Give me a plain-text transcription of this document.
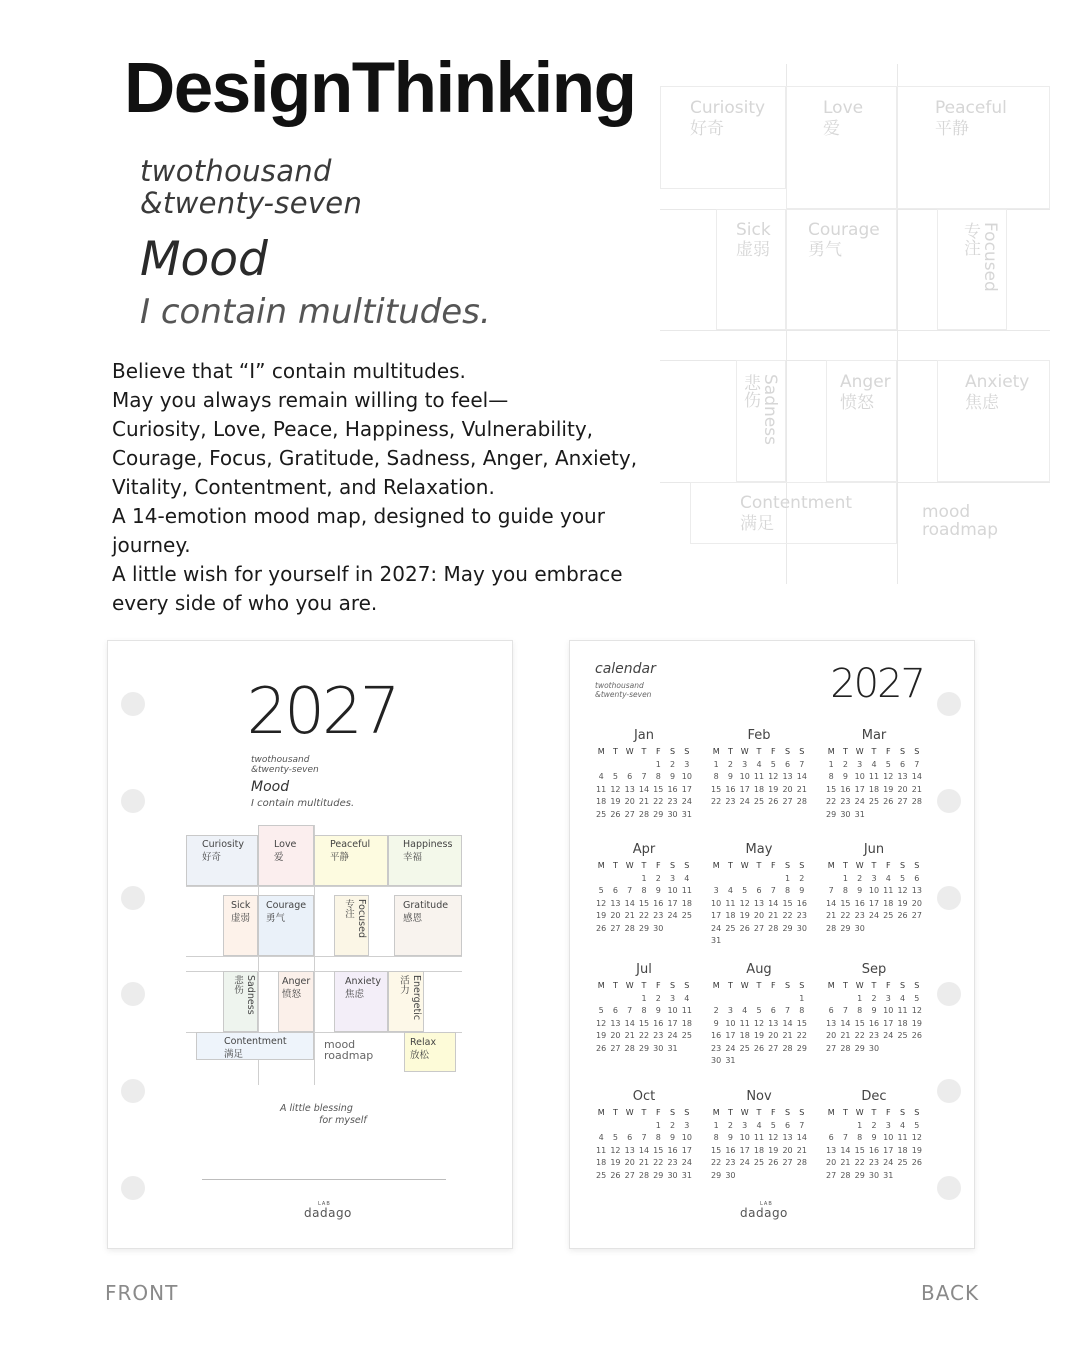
DesignThinking
twothousand
&twenty-seven
Mood
I contain multitudes.

Believe that “I” contain multitudes.

May you always remain willing to feel—

Curiosity, Love, Peace, Happiness, Vulnerability, Courage, Focus, Gratitude, Sadness, Anger, Anxiety, Vitality, Contentment, and Relaxation.

A 14-emotion mood map, designed to guide your journey.

A little wish for yourself in 2027: May you embrace every side of who you are.

Curiosity
好奇
Love
爱
Peaceful
平静
Sick
虚弱
Courage
勇气	Focused
专注
Sadness
悲伤	Anger
愤怒
Anxiety
焦虑
Contentment
满足
mood
roadmap
2027
twothousand
&twenty-seven
Mood
I contain multitudes.
Curiosity
好奇
Love
爱
Peaceful
平静
Happiness
幸福
Sick
虚弱
Courage
勇气	Focused
专注	Gratitude
感恩
Sadness
悲伤	Anger
愤怒
Anxiety
焦虑	Energetic
活力
Contentment
满足
mood
roadmap
Relax
放松
A little blessing
for myself
LAB
dadago
calendar
twothousand
&twenty-seven	2027
Jan
M	T	W	T	F	S	S
				1	2	3
4	5	6	7	8	9	10
11	12	13	14	15	16	17
18	19	20	21	22	23	24
25	26	27	28	29	30	31
Feb
M	T	W	T	F	S	S
1	2	3	4	5	6	7
8	9	10	11	12	13	14
15	16	17	18	19	20	21
22	23	24	25	26	27	28
Mar
M	T	W	T	F	S	S
1	2	3	4	5	6	7
8	9	10	11	12	13	14
15	16	17	18	19	20	21
22	23	24	25	26	27	28
29	30	31				
Apr
M	T	W	T	F	S	S
			1	2	3	4
5	6	7	8	9	10	11
12	13	14	15	16	17	18
19	20	21	22	23	24	25
26	27	28	29	30		
May
M	T	W	T	F	S	S
					1	2
3	4	5	6	7	8	9
10	11	12	13	14	15	16
17	18	19	20	21	22	23
24	25	26	27	28	29	30
31						
Jun
M	T	W	T	F	S	S
	1	2	3	4	5	6
7	8	9	10	11	12	13
14	15	16	17	18	19	20
21	22	23	24	25	26	27
28	29	30				
Jul
M	T	W	T	F	S	S
			1	2	3	4
5	6	7	8	9	10	11
12	13	14	15	16	17	18
19	20	21	22	23	24	25
26	27	28	29	30	31	
Aug
M	T	W	T	F	S	S
						1
2	3	4	5	6	7	8
9	10	11	12	13	14	15
16	17	18	19	20	21	22
23	24	25	26	27	28	29
30	31					
Sep
M	T	W	T	F	S	S
		1	2	3	4	5
6	7	8	9	10	11	12
13	14	15	16	17	18	19
20	21	22	23	24	25	26
27	28	29	30			
Oct
M	T	W	T	F	S	S
				1	2	3
4	5	6	7	8	9	10
11	12	13	14	15	16	17
18	19	20	21	22	23	24
25	26	27	28	29	30	31
Nov
M	T	W	T	F	S	S
1	2	3	4	5	6	7
8	9	10	11	12	13	14
15	16	17	18	19	20	21
22	23	24	25	26	27	28
29	30					
Dec
M	T	W	T	F	S	S
		1	2	3	4	5
6	7	8	9	10	11	12
13	14	15	16	17	18	19
20	21	22	23	24	25	26
27	28	29	30	31		
LAB
dadago
FRONT	BACK
